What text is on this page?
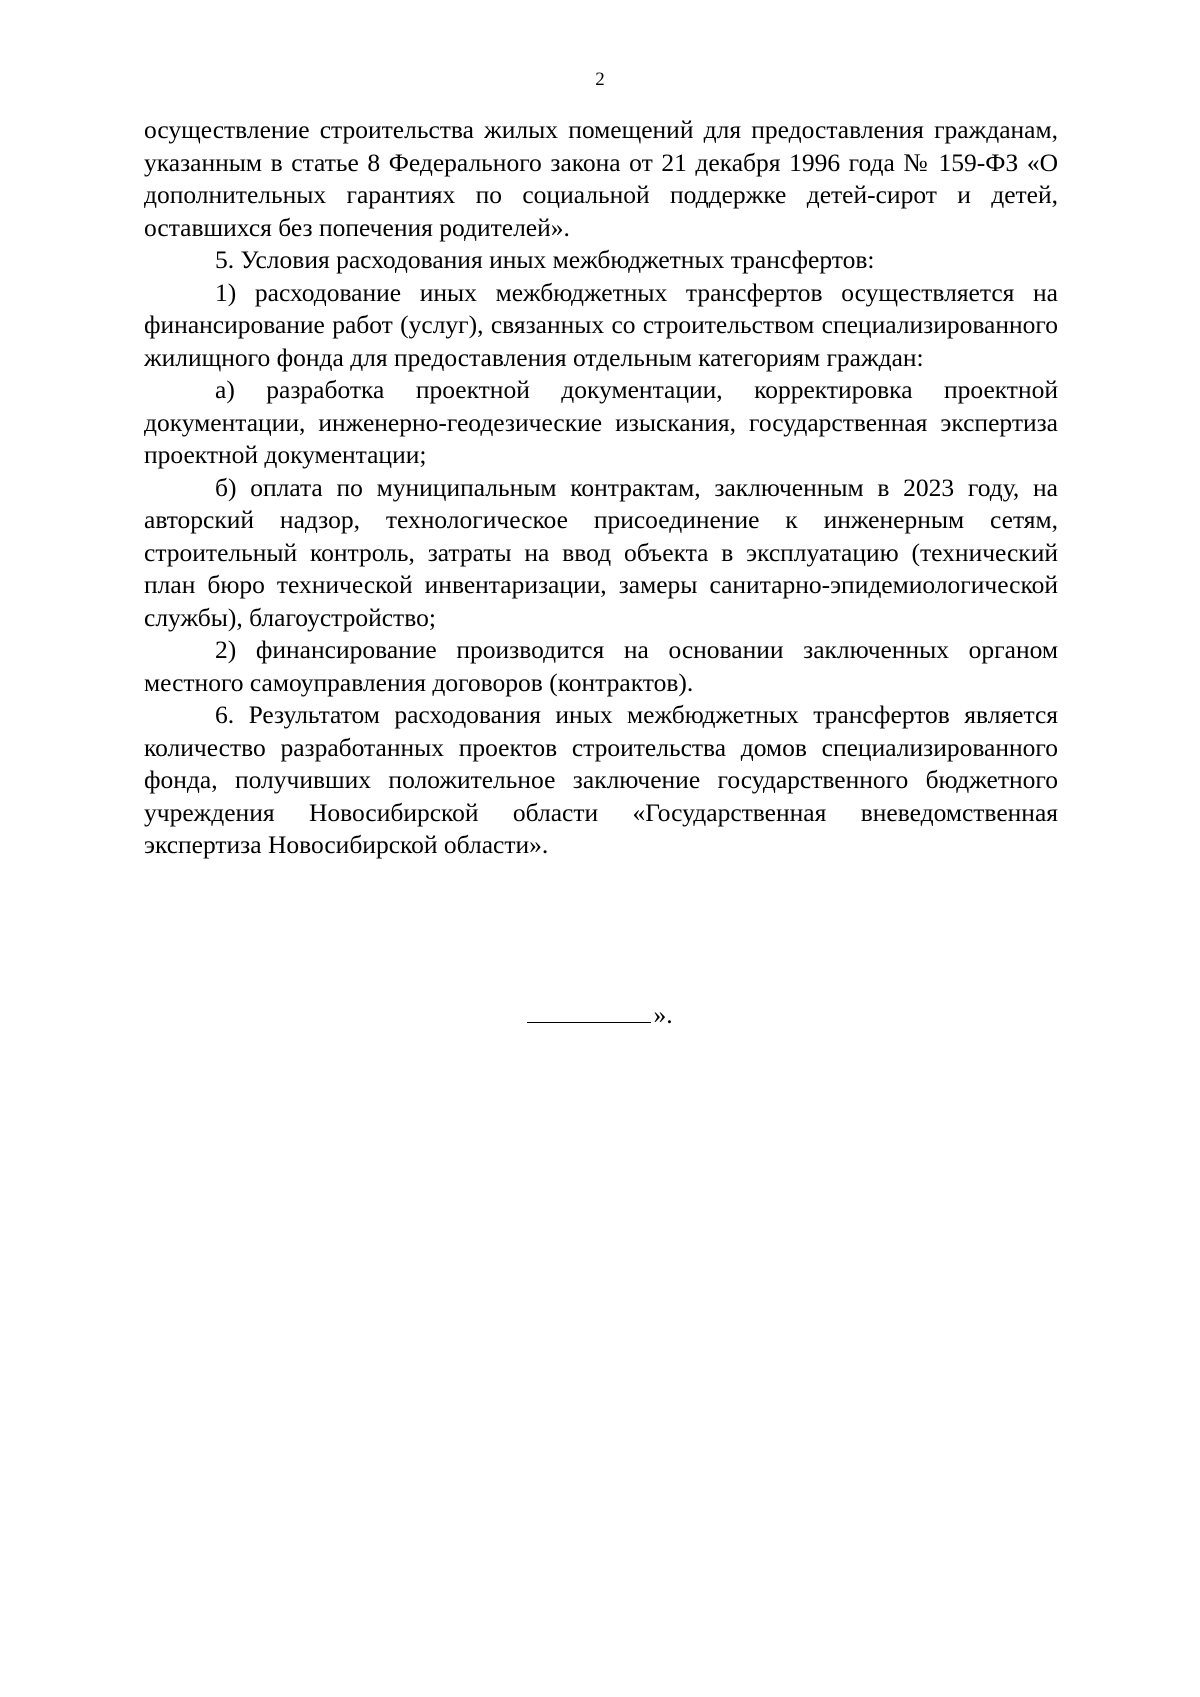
2

осуществление строительства жилых помещений для предоставления гражданам, указанным в статье 8 Федерального закона от 21 декабря 1996 года № 159-ФЗ «О дополнительных гарантиях по социальной поддержке детей-сирот и детей, оставшихся без попечения родителей».

5. Условия расходования иных межбюджетных трансфертов:

1) расходование иных межбюджетных трансфертов осуществляется на финансирование работ (услуг), связанных со строительством специализированного жилищного фонда для предоставления отдельным категориям граждан:

а) разработка проектной документации, корректировка проектной документации, инженерно-геодезические изыскания, государственная экспертиза проектной документации;

б) оплата по муниципальным контрактам, заключенным в 2023 году, на авторский надзор, технологическое присоединение к инженерным сетям, строительный контроль, затраты на ввод объекта в эксплуатацию (технический план бюро технической инвентаризации, замеры санитарно-эпидемиологической службы), благоустройство;

2) финансирование производится на основании заключенных органом местного самоуправления договоров (контрактов).

6. Результатом расходования иных межбюджетных трансфертов является количество разработанных проектов строительства домов специализированного фонда, получивших положительное заключение государственного бюджетного учреждения Новосибирской области «Государственная вневедомственная экспертиза Новосибирской области».

».
